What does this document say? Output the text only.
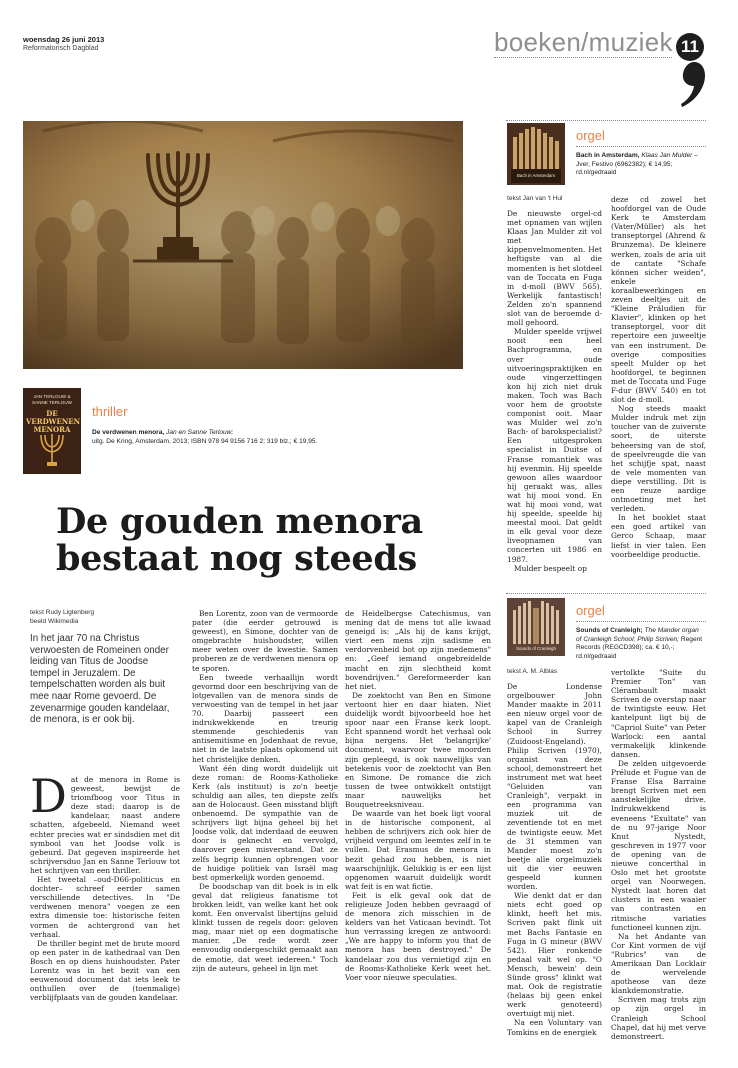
woensdag 26 juni 2013
Reformatorisch Dagblad	boeken/muziek 11
JAN TERLOUW & SANNE TERLOUW
DE VERDWENEN MENORA
thriller
De verdwenen menora, Jan en Sanne Terlouw;
uitg. De Kring, Amsterdam, 2013; ISBN 978 94 9156 716 2; 319 blz.; € 19,95.
De gouden menora
bestaat nog steeds
tekst Rudy Ligtenberg
beeld Wikimedia
In het jaar 70 na Christus verwoesten de Romeinen onder leiding van Titus de Joodse tempel in Jeruzalem. De tempelschatten worden als buit mee naar Rome gevoerd. De zevenarmige gouden kandelaar, de menora, is er ook bij.

Dat de menora in Rome is geweest, bewijst de triomfboog voor Titus in deze stad: daarop is de kandelaar, naast andere schatten, afgebeeld. Niemand weet echter precies wat er sindsdien met dit symbool van het Joodse volk is gebeurd. Dat gegeven inspireerde het schrijversduo Jan en Sanne Terlouw tot het schrijven van een thriller.

Het tweetal –oud-D66-politicus en dochter– schreef eerder samen verschillende detectives. In "De verdwenen menora" voegen ze een extra dimensie toe: historische feiten vormen de achtergrond van het verhaal.

De thriller begint met de brute moord op een pater in de kathedraal van Den Bosch en op diens huishoudster. Pater Lorentz was in het bezit van een eeuwenoud document dat iets leek te onthullen over de (toenmalige) verblijfplaats van de gouden kandelaar.

Ben Lorentz, zoon van de vermoorde pater (die eerder getrouwd is geweest), en Simone, dochter van de omgebrachte huishoudster, willen meer weten over de kwestie. Samen proberen ze de verdwenen menora op te sporen.

Een tweede verhaallijn wordt gevormd door een beschrijving van de lotgevallen van de menora sinds de verwoesting van de tempel in het jaar 70. Daarbij passeert een indrukwekkende en treurig stemmende geschiedenis van antisemitisme en Jodenhaat de revue, niet in de laatste plaats opkomend uit het christelijke denken.

Want één ding wordt duidelijk uit deze roman: de Rooms-Katholieke Kerk (als instituut) is zo'n beetje schuldig aan alles, ten diepste zelfs aan de Holocaust. Geen misstand blijft onbenoemd. De sympathie van de schrijvers ligt bijna geheel bij het Joodse volk, dat inderdaad de eeuwen door is geknecht en vervolgd, daarover geen misverstand. Dat ze zelfs begrip kunnen opbrengen voor de huidige politiek van Israël mag best opmerkelijk worden genoemd.

De boodschap van dit boek is in elk geval dat religieus fanatisme tot brokken leidt, van welke kant het ook komt. Een onvervalst libertijns geluid klinkt tussen de regels door: geloven mag, maar niet op een dogmatische manier. „De rede wordt zeer eenvoudig ondergeschikt gemaakt aan de emotie, dat weet iedereen." Toch zijn de auteurs, geheel in lijn met

de Heidelbergse Catechismus, van mening dat de mens tot alle kwaad geneigd is: „Als hij de kans krijgt, viert een mens zijn sadisme en verdorvenheid bot op zijn medemens" en: „Geef iemand ongebreidelde macht en zijn slechtheid komt bovendrijven." Gereformeerder kan het niet.

De zoektocht van Ben en Simone vertoont hier en daar hiaten. Niet duidelijk wordt bijvoorbeeld hoe het spoor naar een Franse kerk loopt. Echt spannend wordt het verhaal ook bijna nergens. Het 'belangrijke' document, waarvoor twee moorden zijn gepleegd, is ook nauwelijks van betekenis voor de zoektocht van Ben en Simone. De romance die zich tussen de twee ontwikkelt ontstijgt maar nauwelijks het Bouquetreeksniveau.

De waarde van het boek ligt vooral in de historische component, al hebben de schrijvers zich ook hier de vrijheid vergund om leemtes zelf in te vullen. Dat Erasmus de menora in bezit gehad zou hebben, is niet waarschijnlijk. Gelukkig is er een lijst opgenomen waaruit duidelijk wordt wat feit is en wat fictie.

Feit is elk geval ook dat de religieuze Joden hebben gevraagd of de menora zich misschien in de kelders van het Vaticaan bevindt. Tot hun verrassing kregen ze antwoord: „We are happy to inform you that de menora has been destroyed." De kandelaar zou dus vernietigd zijn en de Rooms-Katholieke Kerk weet het. Voer voor nieuwe speculaties.

Bach in Amsterdam
orgel
Bach in Amsterdam, Klaas Jan Mulder – Jver, Festivo (6962382); € 14,95; rd.nl/gedraaid
tekst Jan van 't Hul

De nieuwste orgel-cd met opnamen van wijlen Klaas Jan Mulder zit vol met kippenvelmomenten. Het heftigste van al die momenten is het slotdeel van de Toccata en Fuga in d-moll (BWV 565). Werkelijk fantastisch! Zelden zo'n spannend slot van de beroemde d-moll gehoord.

Mulder speelde vrijwel nooit een heel Bachprogramma, en over oude uitvoeringspraktijken en oude vingerzettingen kon hij zich niet druk maken. Toch was Bach voor hem de grootste componist ooit. Maar was Mulder wel zo'n Bach- of barokspecialist? Een uitgesproken specialist in Duitse of Franse romantiek was hij evenmin. Hij speelde gewoon alles waardoor hij geraakt was, alles wat hij mooi vond. En wat hij mooi vond, wat hij speelde, speelde hij meestal mooi. Dat geldt in elk geval voor deze liveopnamen van concerten uit 1986 en 1987.

Mulder bespeelt op

deze cd zowel het hoofdorgel van de Oude Kerk te Amsterdam (Vater/Müller) als het transeptorgel (Ahrend & Brunzema). De kleinere werken, zoals de aria uit de cantate "Schafe können sicher weiden", enkele koraalbewerkingen en zeven deeltjes uit de "Kleine Präludien für Klavier", klinken op het transeptorgel, voor dit repertoire een juweeltje van een instrument. De overige composities speelt Mulder op het hoofdorgel, te beginnen met de Toccata und Fuge F-dur (BWV 540) en tot slot de d-moll.

Nog steeds maakt Mulder indruk met zijn toucher van de zuiverste soort, de uiterste beheersing van de stof, de speelvreugde die van het schijfje spat, naast de vele momenten van diepe verstilling. Dit is een reuze aardige ontmoeting met het verleden.

In het booklet staat een goed artikel van Gerco Schaap, maar liefst in vier talen. Een voorbeeldige productie.

Sounds of Cranleigh
orgel
Sounds of Cranleigh; The Mander organ of Cranleigh School; Philip Scriven; Regent Records (REGCD398); ca. € 10,-; rd.nl/gedraaid
tekst A. M. Alblas

De Londense orgelbouwer John Mander maakte in 2011 een nieuw orgel voor de kapel van de Cranleigh School in Surrey (Zuidoost-Engeland). Philip Scriven (1970), organist van deze school, demonstreert het instrument met wat heet "Geluiden van Cranleigh", verpakt in een programma van muziek uit de zeventiende tot en met de twintigste eeuw. Met de 31 stemmen van Mander moest zo'n beetje alle orgelmuziek uit die vier eeuwen gespeeld kunnen worden.

Wie denkt dat er dan niets echt goed op klinkt, heeft het mis. Scriven pakt flink uit met Bachs Fantasie en Fuga in G mineur (BWV 542). Hier ronkende pedaal valt wel op. "O Mensch, bewein' dein Sünde gross" klinkt wat mat. Ook de registratie (helaas bij geen enkel werk genoteerd) overtuigt mij niet.

Na een Voluntary van Tomkins en de energiek

vertolkte "Suite du Premier Ton" van Clérambault maakt Scriven de overstap naar de twintigste eeuw. Het kantelpunt ligt bij de "Capriol Suite" van Peter Warlock: een aantal vermakelijk klinkende dansen.

De zelden uitgevoerde Prélude et Fugue van de Franse Elsa Barraine brengt Scriven met een aanstekelijke drive. Indrukwekkend is eveneens "Exultate" van de nu 97-jarige Noor Knut Nystedt, geschreven in 1977 voor de opening van de nieuwe concerthal in Oslo met het grootste orgel van Noorwegen. Nystedt laat horen dat clusters in een waaier van contrasten en ritmische variaties functioneel kunnen zijn.

Na het Andante van Cor Kint vormen de vijf "Rubrics" van de Amerikaan Dan Locklair de wervelende apotheose van deze klankdemonstratie.

Scriven mag trots zijn op zijn orgel in Cranleigh School Chapel, dat hij met verve demonstreert.
